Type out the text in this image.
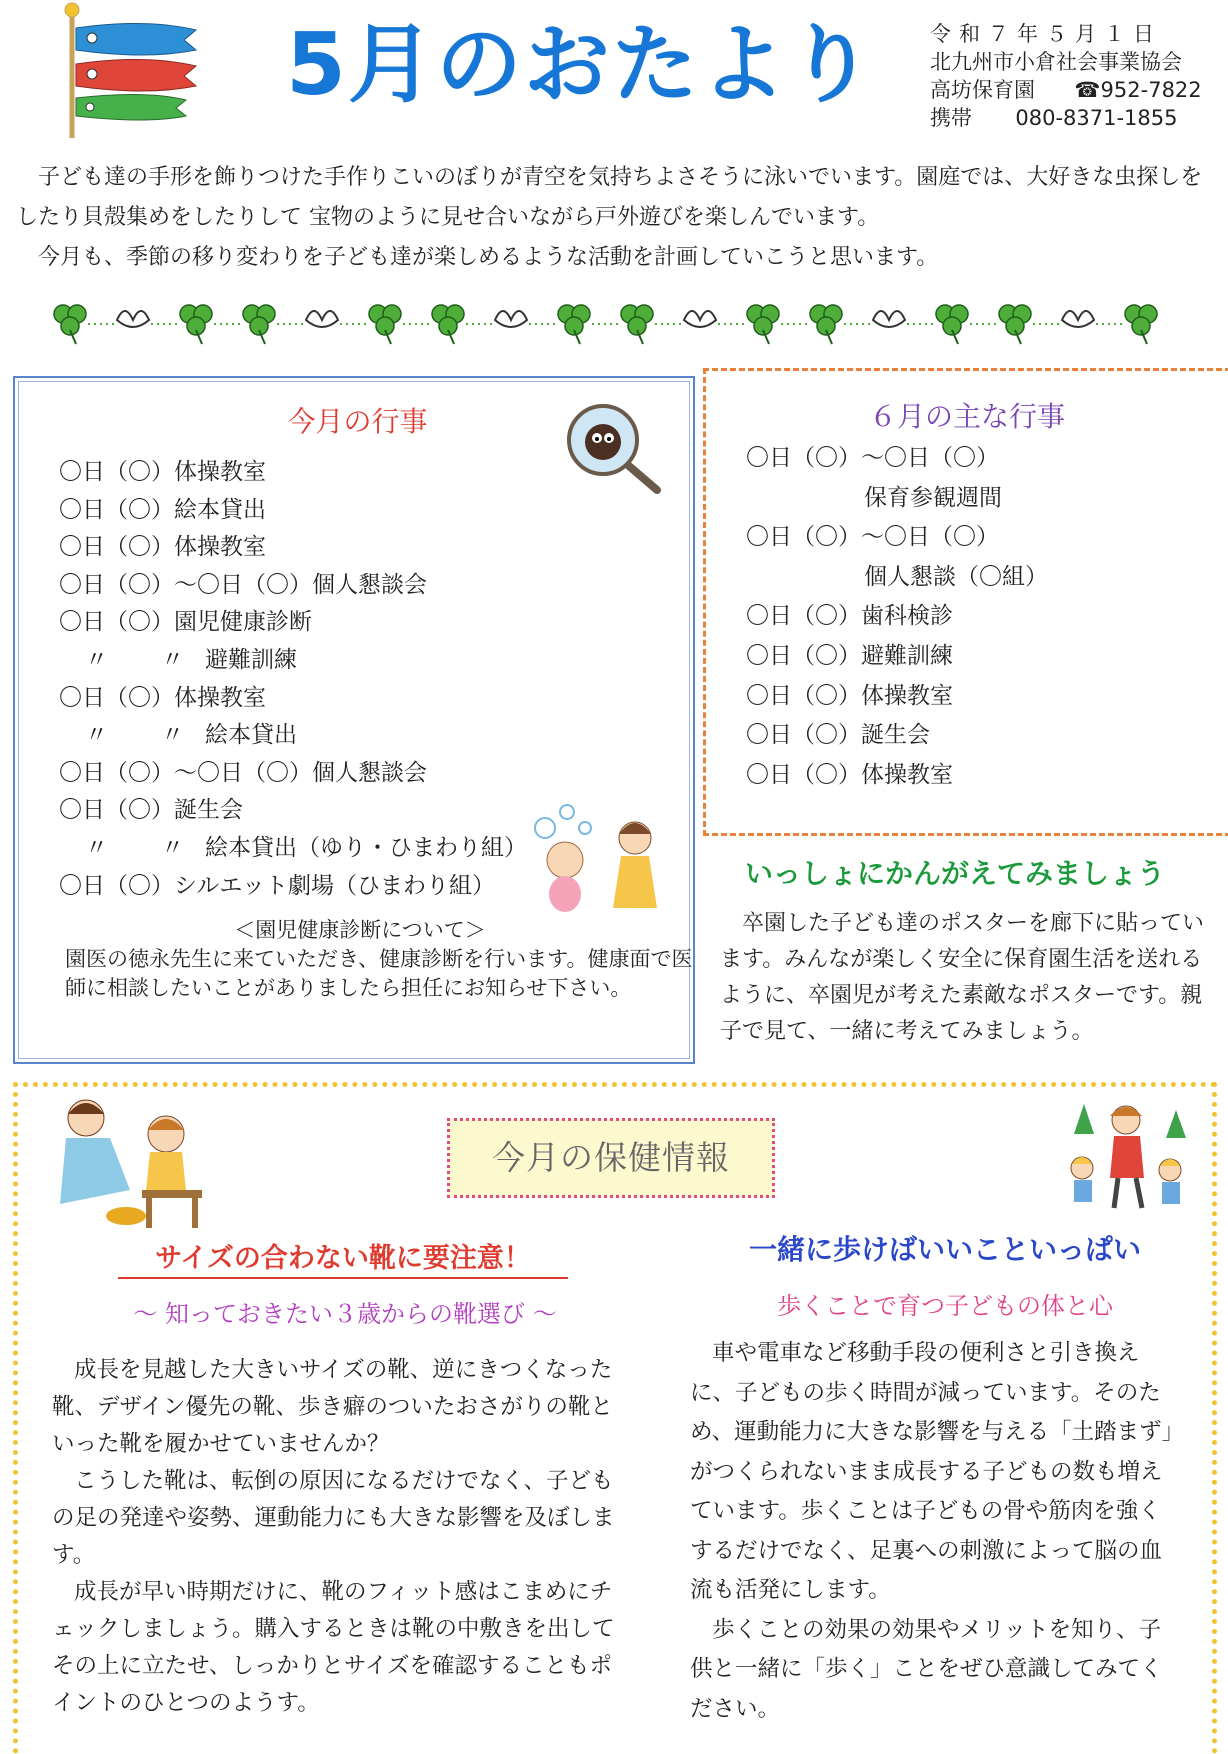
5月のおたより	令和７年５月１日
北九州市小倉社会事業協会
高坊保育園 ☎952-7822
携帯 080-8371-1855

子ども達の手形を飾りつけた手作りこいのぼりが青空を気持ちよさそうに泳いでいます。園庭では、大好きな虫探しをしたり貝殻集めをしたりして 宝物のように見せ合いながら戸外遊びを楽しんでいます。

今月も、季節の移り変わりを子ども達が楽しめるような活動を計画していこうと思います。

今月の行事
〇日（〇）体操教室
〇日（〇）絵本貸出
〇日（〇）体操教室
〇日（〇）～〇日（〇）個人懇談会
〇日（〇）園児健康診断
〃 〃 避難訓練
〇日（〇）体操教室
〃 〃 絵本貸出
〇日（〇）～〇日（〇）個人懇談会
〇日（〇）誕生会
〃 〃 絵本貸出（ゆり・ひまわり組）
〇日（〇）シルエット劇場（ひまわり組）
＜園児健康診断について＞
園医の徳永先生に来ていただき、健康診断を行います。健康面で医師に相談したいことがありましたら担任にお知らせ下さい。
６月の主な行事
〇日（〇）～〇日（〇）
保育参観週間
〇日（〇）～〇日（〇）
個人懇談（〇組）
〇日（〇）歯科検診
〇日（〇）避難訓練
〇日（〇）体操教室
〇日（〇）誕生会
〇日（〇）体操教室
いっしょにかんがえてみましょう
卒園した子ども達のポスターを廊下に貼っています。みんなが楽しく安全に保育園生活を送れるように、卒園児が考えた素敵なポスターです。親子で見て、一緒に考えてみましょう。
今月の保健情報
サイズの合わない靴に要注意！
～ 知っておきたい３歳からの靴選び ～

成長を見越した大きいサイズの靴、逆にきつくなった靴、デザイン優先の靴、歩き癖のついたおさがりの靴といった靴を履かせていませんか？

こうした靴は、転倒の原因になるだけでなく、子どもの足の発達や姿勢、運動能力にも大きな影響を及ぼします。

成長が早い時期だけに、靴のフィット感はこまめにチェックしましょう。購入するときは靴の中敷きを出してその上に立たせ、しっかりとサイズを確認することもポイントのひとつのようす。

一緒に歩けばいいこといっぱい
歩くことで育つ子どもの体と心

車や電車など移動手段の便利さと引き換えに、子どもの歩く時間が減っています。そのため、運動能力に大きな影響を与える「土踏まず」がつくられないまま成長する子どもの数も増えています。歩くことは子どもの骨や筋肉を強くするだけでなく、足裏への刺激によって脳の血流も活発にします。

歩くことの効果の効果やメリットを知り、子供と一緒に「歩く」ことをぜひ意識してみてください。
